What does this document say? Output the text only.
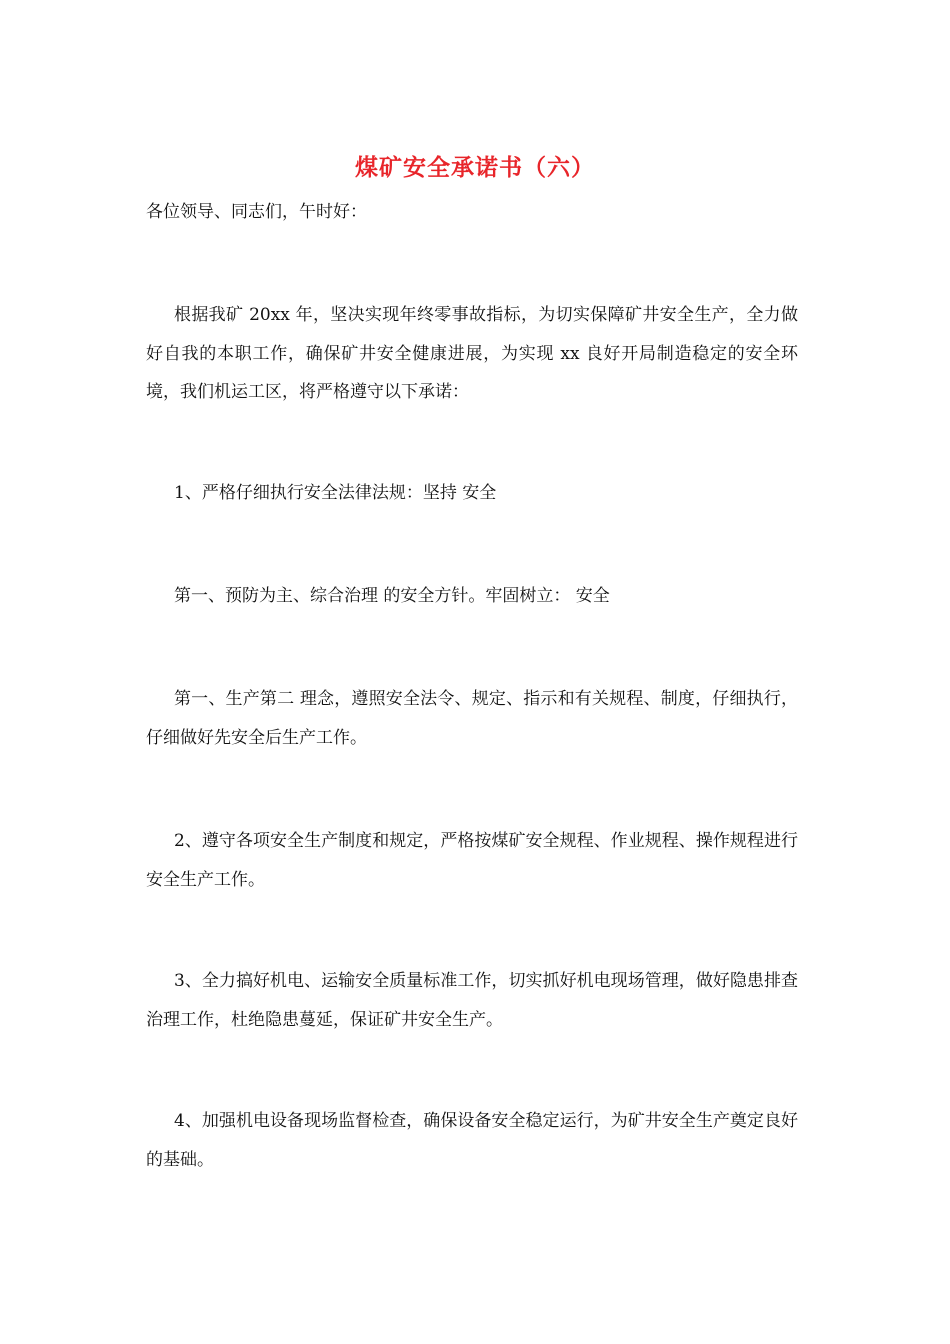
煤矿安全承诺书（六）
各位领导、同志们，午时好：
根据我矿 20xx 年，坚决实现年终零事故指标，为切实保障矿井安全生产，全力做好自我的本职工作，确保矿井安全健康进展，为实现 xx 良好开局制造稳定的安全环境，我们机运工区，将严格遵守以下承诺：
1、严格仔细执行安全法律法规：坚持 安全
第一、预防为主、综合治理 的安全方针。牢固树立： 安全
第一、生产第二 理念，遵照安全法令、规定、指示和有关规程、制度，仔细执行，仔细做好先安全后生产工作。
2、遵守各项安全生产制度和规定，严格按煤矿安全规程、作业规程、操作规程进行安全生产工作。
3、全力搞好机电、运输安全质量标准工作，切实抓好机电现场管理，做好隐患排查治理工作，杜绝隐患蔓延，保证矿井安全生产。
4、加强机电设备现场监督检查，确保设备安全稳定运行，为矿井安全生产奠定良好的基础。
